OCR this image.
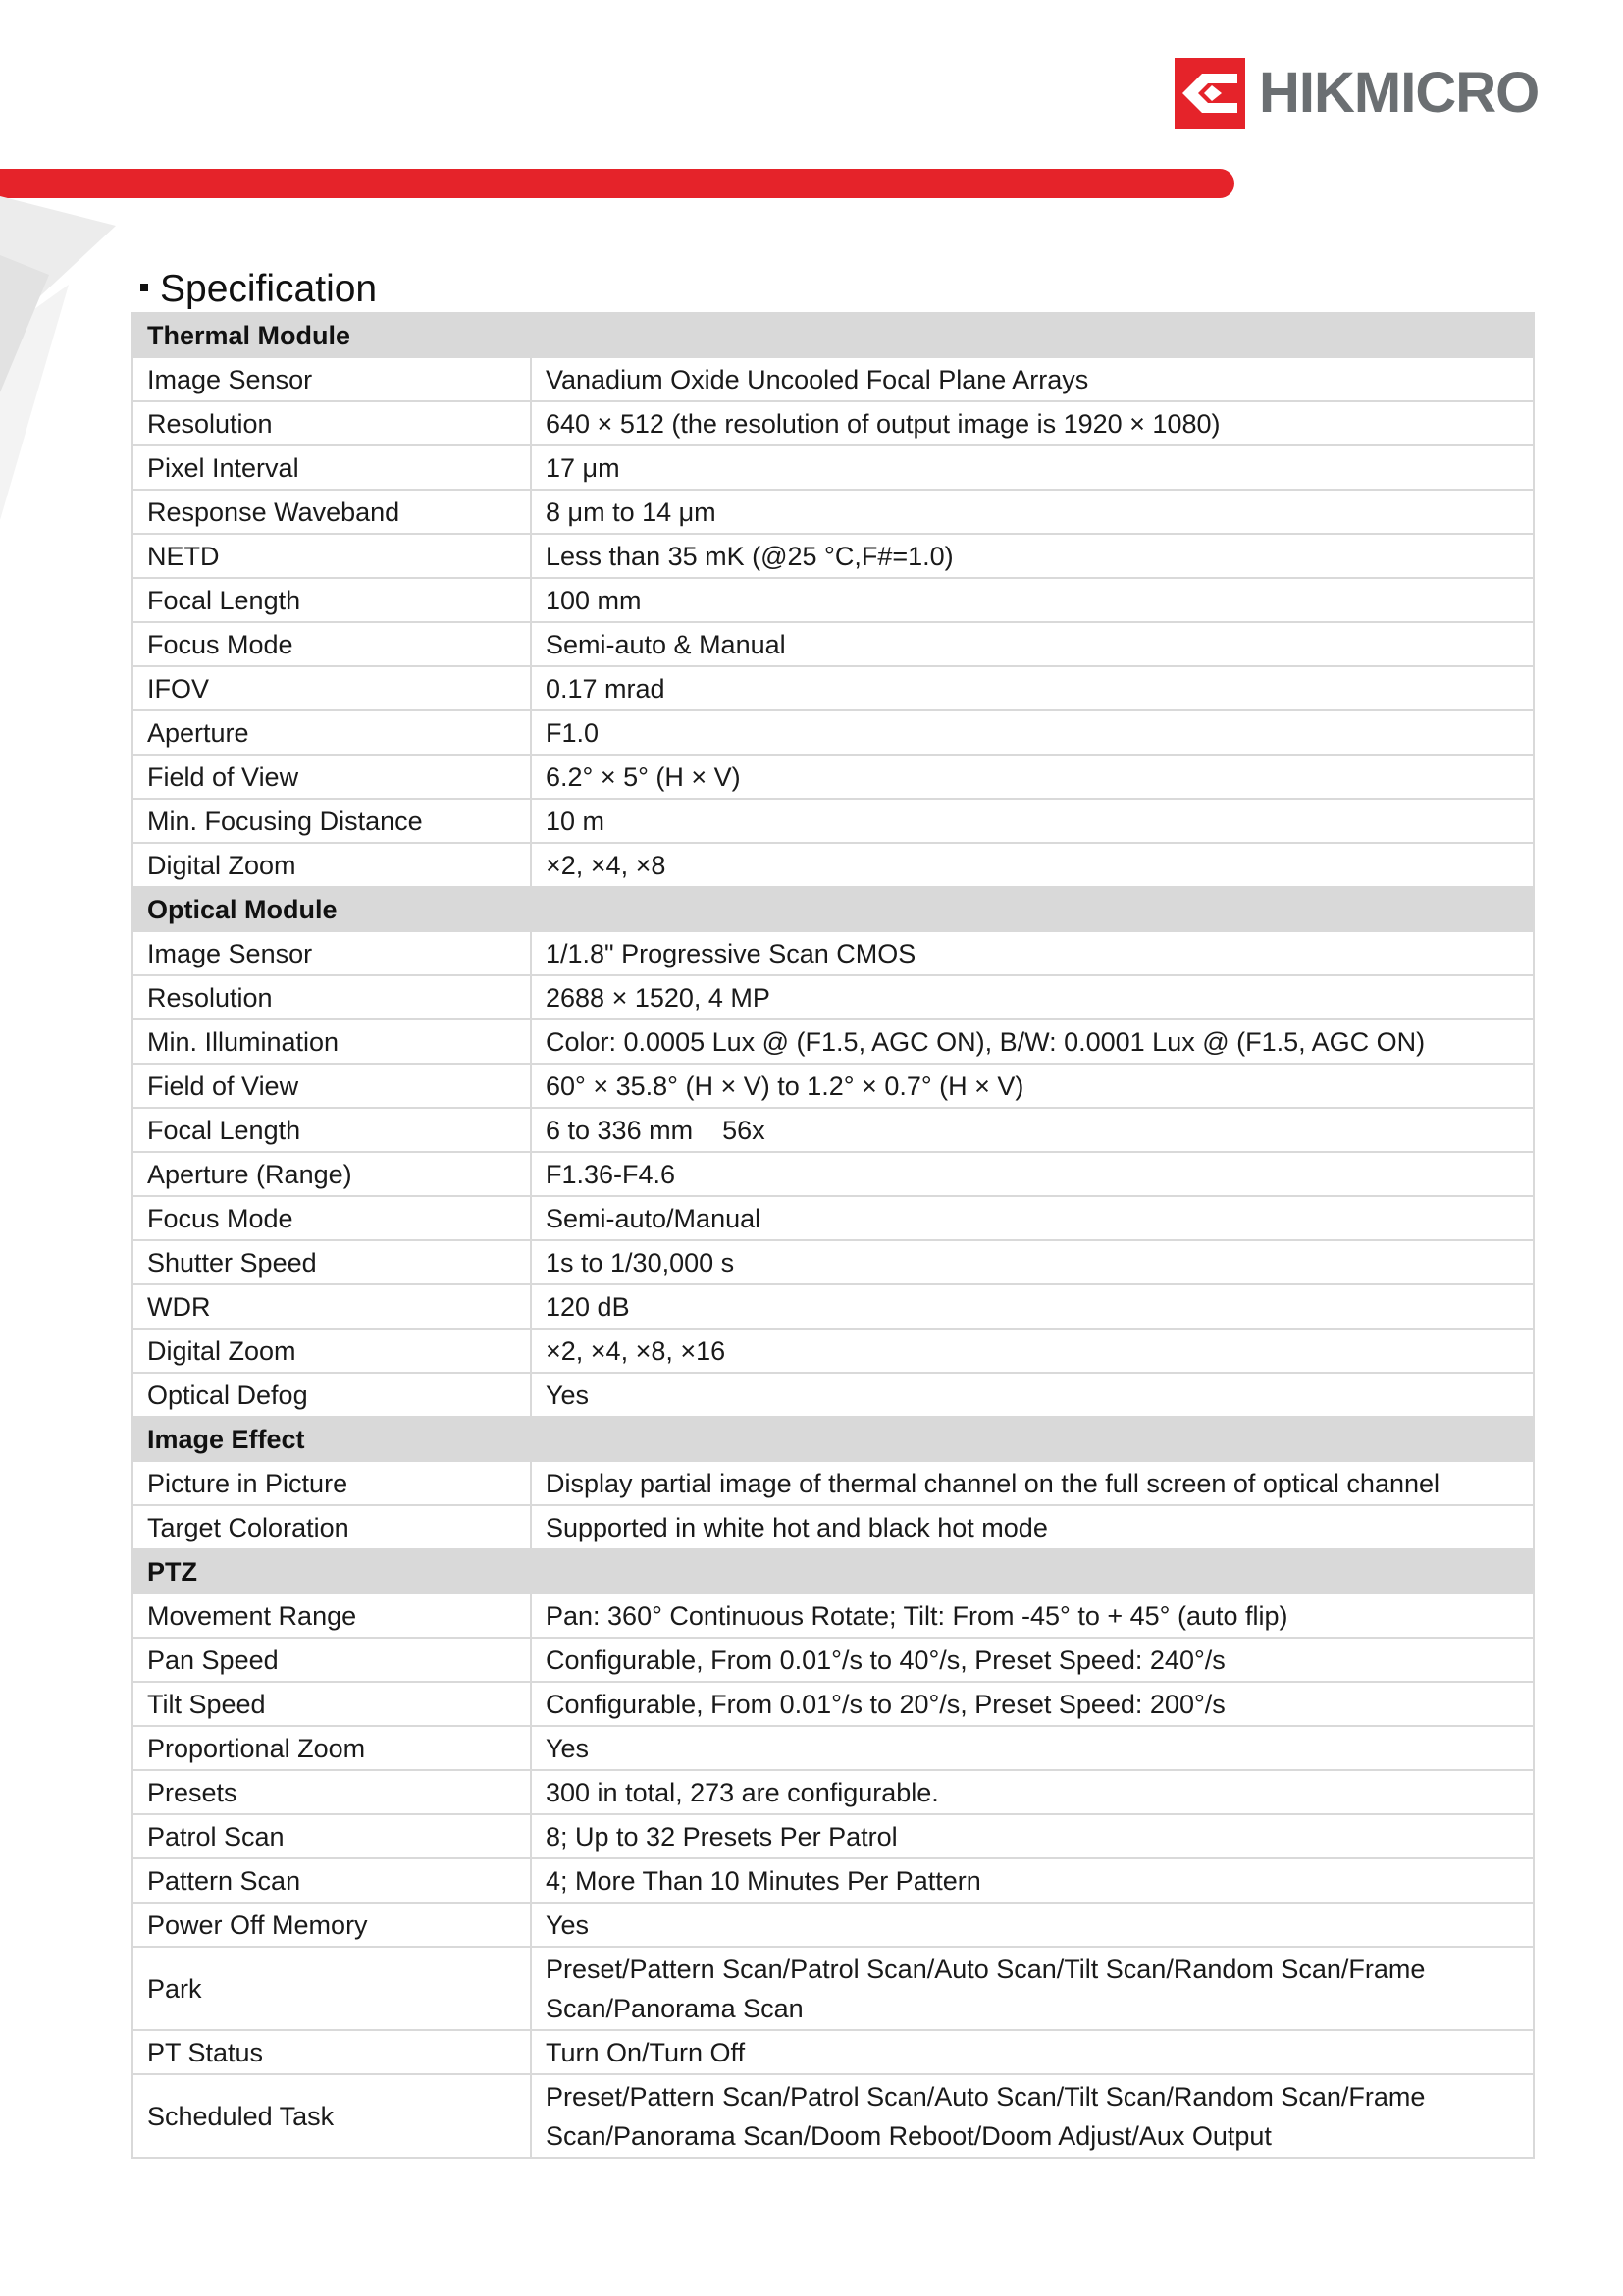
HIKMICRO
Specification
Thermal Module	
Image Sensor	Vanadium Oxide Uncooled Focal Plane Arrays
Resolution	640 × 512 (the resolution of output image is 1920 × 1080)
Pixel Interval	17 μm
Response Waveband	8 μm to 14 μm
NETD	Less than 35 mK (@25 °C,F#=1.0)
Focal Length	100 mm
Focus Mode	Semi-auto & Manual
IFOV	0.17 mrad
Aperture	F1.0
Field of View	6.2° × 5° (H × V)
Min. Focusing Distance	10 m
Digital Zoom	×2, ×4, ×8
Optical Module	
Image Sensor	1/1.8" Progressive Scan CMOS
Resolution	2688 × 1520, 4 MP
Min. Illumination	Color: 0.0005 Lux @ (F1.5, AGC ON), B/W: 0.0001 Lux @ (F1.5, AGC ON)
Field of View	60° × 35.8° (H × V) to 1.2° × 0.7° (H × V)
Focal Length	6 to 336 mm    56x
Aperture (Range)	F1.36-F4.6
Focus Mode	Semi-auto/Manual
Shutter Speed	1s to 1/30,000 s
WDR	120 dB
Digital Zoom	×2, ×4, ×8, ×16
Optical Defog	Yes
Image Effect	
Picture in Picture	Display partial image of thermal channel on the full screen of optical channel
Target Coloration	Supported in white hot and black hot mode
PTZ	
Movement Range	Pan: 360° Continuous Rotate; Tilt: From -45° to + 45° (auto flip)
Pan Speed	Configurable, From 0.01°/s to 40°/s, Preset Speed: 240°/s
Tilt Speed	Configurable, From 0.01°/s to 20°/s, Preset Speed: 200°/s
Proportional Zoom	Yes
Presets	300 in total, 273 are configurable.
Patrol Scan	8; Up to 32 Presets Per Patrol
Pattern Scan	4; More Than 10 Minutes Per Pattern
Power Off Memory	Yes
Park	Preset/Pattern Scan/Patrol Scan/Auto Scan/Tilt Scan/Random Scan/Frame Scan/Panorama Scan
PT Status	Turn On/Turn Off
Scheduled Task	Preset/Pattern Scan/Patrol Scan/Auto Scan/Tilt Scan/Random Scan/Frame Scan/Panorama Scan/Doom Reboot/Doom Adjust/Aux Output
